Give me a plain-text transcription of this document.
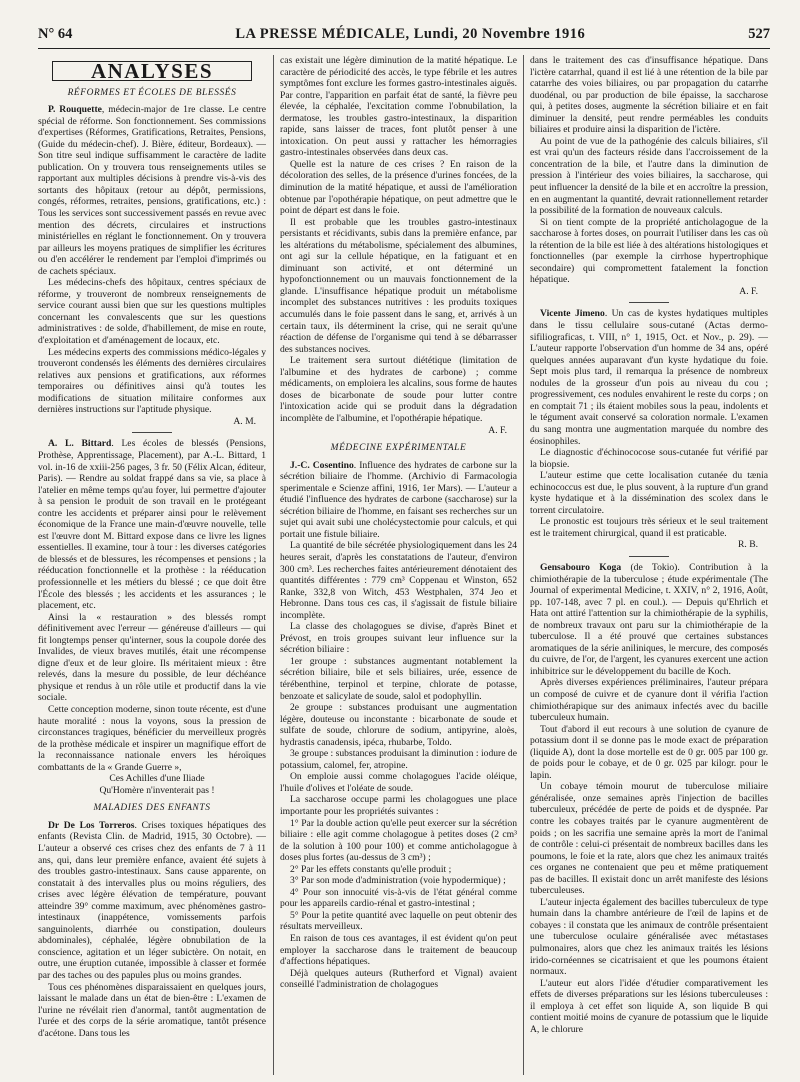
N° 64	LA PRESSE MÉDICALE, Lundi, 20 Novembre 1916	527
ANALYSES
RÉFORMES ET ÉCOLES DE BLESSÉS

P. Rouquette, médecin-major de 1re classe. Le centre spécial de réforme. Son fonctionnement. Ses commissions d'expertises (Réformes, Gratifications, Retraites, Pensions, (Guide du médecin-chef). J. Bière, éditeur, Bordeaux). — Son titre seul indique suffisamment le caractère de ladite publication. On y trouvera tous renseignements utiles se rapportant aux multiples décisions à prendre vis-à-vis des sortants des hôpitaux (retour au dépôt, permissions, congés, réformes, retraites, pensions, gratifications, etc.) : Tous les services sont successivement passés en revue avec mention des décrets, circulaires et instructions ministérielles en réglant le fonctionnement. On y trouvera par ailleurs les moyens pratiques de simplifier les écritures ou d'en accélérer le rendement par l'emploi d'imprimés ou de cachets spéciaux.

Les médecins-chefs des hôpitaux, centres spéciaux de réforme, y trouveront de nombreux renseignements de service courant aussi bien que sur les questions multiples concernant les convalescents que sur les questions administratives : de solde, d'habillement, de mise en route, d'exploitation et d'aménagement de locaux, etc.

Les médecins experts des commissions médico-légales y trouveront condensés les éléments des dernières circulaires relatives aux pensions et gratifications, aux réformes temporaires ou définitives ainsi qu'à toutes les modifications de situation militaire conformes aux dernières instructions sur l'aptitude physique.

A. M.

A. L. Bittard. Les écoles de blessés (Pensions, Prothèse, Apprentissage, Placement), par A.-L. Bittard, 1 vol. in-16 de xxiii-256 pages, 3 fr. 50 (Félix Alcan, éditeur, Paris). — Rendre au soldat frappé dans sa vie, sa place à l'atelier en même temps qu'au foyer, lui permettre d'ajouter à sa pension le produit de son travail en le protégeant contre les accidents et préparer ainsi pour le relèvement économique de la France une main-d'œuvre nouvelle, telle est l'œuvre dont M. Bittard expose dans ce livre les lignes essentielles. Il examine, tour à tour : les diverses catégories de blessés et de blessures, les récompenses et pensions ; la rééducation fonctionnelle et la prothèse : la rééducation professionnelle et les métiers du blessé ; ce que doit être l'École des blessés ; les accidents et les assurances ; le placement, etc.

Ainsi la « restauration » des blessés rompt définitivement avec l'erreur — généreuse d'ailleurs — qui fit longtemps penser qu'interner, sous la coupole dorée des Invalides, de vieux braves mutilés, était une récompense digne d'eux et de leur gloire. Ils méritaient mieux : être relevés, dans la mesure du possible, de leur déchéance physique et rendus à un rôle utile et productif dans la vie sociale.

Cette conception moderne, sinon toute récente, est d'une haute moralité : nous la voyons, sous la pression de circonstances tragiques, bénéficier du merveilleux progrès de la prothèse médicale et inspirer un magnifique effort de la reconnaissance nationale envers les héroïques combattants de la « Grande Guerre »,

Ces Achilles d'une Iliade

Qu'Homère n'inventerait pas !

MALADIES DES ENFANTS

Dr De Los Torreros. Crises toxiques hépatiques des enfants (Revista Clin. de Madrid, 1915, 30 Octobre). — L'auteur a observé ces crises chez des enfants de 7 à 11 ans, qui, dans leur première enfance, avaient été sujets à des troubles gastro-intestinaux. Sans cause apparente, on constatait à des intervalles plus ou moins réguliers, des crises avec légère élévation de température, pouvant atteindre 39° comme maximum, avec phénomènes gastro-intestinaux (inappétence, vomissements parfois sanguinolents, diarrhée ou constipation, douleurs abdominales), céphalée, légère obnubilation de la conscience, agitation et un léger subictère. On notait, en outre, une éruption cutanée, impossible à classer et formée par des taches ou des papules plus ou moins grandes.

Tous ces phénomènes disparaissaient en quelques jours, laissant le malade dans un état de bien-être : L'examen de l'urine ne révélait rien d'anormal, tantôt augmentation de l'urée et des corps de la série aromatique, tantôt présence d'acétone. Dans tous les

cas existait une légère diminution de la matité hépatique. Le caractère de périodicité des accès, le type fébrile et les autres symptômes font exclure les formes gastro-intestinales aiguës. Par contre, l'apparition en parfait état de santé, la fièvre peu élevée, la céphalée, l'excitation comme l'obnubilation, la dermatose, les troubles gastro-intestinaux, la disparition rapide, sans laisser de traces, font plutôt penser à une intoxication. On peut aussi y rattacher les hémorragies gastro-intestinales observées dans deux cas.

Quelle est la nature de ces crises ? En raison de la décoloration des selles, de la présence d'urines foncées, de la diminution de la matité hépatique, et aussi de l'amélioration obtenue par l'opothérapie hépatique, on peut admettre que le point de départ est dans le foie.

Il est probable que les troubles gastro-intestinaux persistants et récidivants, subis dans la première enfance, par les altérations du métabolisme, spécialement des albumines, ont agi sur la cellule hépatique, en la fatiguant et en diminuant son activité, et ont déterminé un hypofonctionnement ou un mauvais fonctionnement de la glande. L'insuffisance hépatique produit un métabolisme incomplet des substances nutritives : les produits toxiques accumulés dans le foie passent dans le sang, et, arrivés à un certain taux, ils déterminent la crise, qui ne serait qu'une réaction de défense de l'organisme qui tend à se débarrasser des substances nocives.

Le traitement sera surtout diététique (limitation de l'albumine et des hydrates de carbone) ; comme médicaments, on emploiera les alcalins, sous forme de hautes doses de bicarbonate de soude pour lutter contre l'intoxication acide qui se produit dans la dégradation incomplète de l'albumine, et l'opothérapie hépatique.

A. F.
MÉDECINE EXPÉRIMENTALE

J.-C. Cosentino. Influence des hydrates de carbone sur la sécrétion biliaire de l'homme. (Archivio di Farmacologia sperimentale e Scienze affini, 1916, 1er Mars). — L'auteur a étudié l'influence des hydrates de carbone (saccharose) sur la sécrétion biliaire de l'homme, en faisant ses recherches sur un sujet qui avait subi une cholécystectomie pour calculs, et qui portait une fistule biliaire.

La quantité de bile sécrétée physiologiquement dans les 24 heures serait, d'après les constatations de l'auteur, d'environ 300 cm³. Les recherches faites antérieurement dénotaient des quantités différentes : 779 cm³ Coppenau et Winston, 652 Ranke, 332,8 von Witch, 453 Westphalen, 374 Jeo et Hebronne. Dans tous ces cas, il s'agissait de fistule biliaire incomplète.

La classe des cholagogues se divise, d'après Binet et Prévost, en trois groupes suivant leur influence sur la sécrétion biliaire :

1er groupe : substances augmentant notablement la sécrétion biliaire, bile et sels biliaires, urée, essence de térébenthine, terpinol et terpine, chlorate de potasse, benzoate et salicylate de soude, salol et podophyllin.

2e groupe : substances produisant une augmentation légère, douteuse ou inconstante : bicarbonate de soude et sulfate de soude, chlorure de sodium, antipyrine, aloès, hydrastis canadensis, ipéca, rhubarbe, Toldo.

3e groupe : substances produisant la diminution : iodure de potassium, calomel, fer, atropine.

On emploie aussi comme cholagogues l'acide oléique, l'huile d'olives et l'oléate de soude.

La saccharose occupe parmi les cholagogues une place importante pour les propriétés suivantes :

1° Par la double action qu'elle peut exercer sur la sécrétion biliaire : elle agit comme cholagogue à petites doses (2 cm³ de la solution à 100 pour 100) et comme anticholagogue à doses plus fortes (au-dessus de 3 cm³) ;

2° Par les effets constants qu'elle produit ;

3° Par son mode d'administration (voie hypodermique) ;

4° Pour son innocuité vis-à-vis de l'état général comme pour les appareils cardio-rénal et gastro-intestinal ;

5° Pour la petite quantité avec laquelle on peut obtenir des résultats merveilleux.

En raison de tous ces avantages, il est évident qu'on peut employer la saccharose dans le traitement de beaucoup d'affections hépatiques.

Déjà quelques auteurs (Rutherford et Vignal) avaient conseillé l'administration de cholagogues

dans le traitement des cas d'insuffisance hépatique. Dans l'ictère catarrhal, quand il est lié à une rétention de la bile par catarrhe des voies biliaires, ou par propagation du catarrhe duodénal, ou par production de bile épaisse, la saccharose qui, à petites doses, augmente la sécrétion biliaire et en fait diminuer la densité, peut rendre perméables les conduits biliaires et produire ainsi la disparition de l'ictère.

Au point de vue de la pathogénie des calculs biliaires, s'il est vrai qu'un des facteurs réside dans l'accroissement de la concentration de la bile, et l'autre dans la diminution de pression à l'intérieur des voies biliaires, la saccharose, qui peut influencer la densité de la bile et en accroître la pression, en en augmentant la quantité, devrait rationnellement retarder la possibilité de la formation de nouveaux calculs.

Si on tient compte de la propriété anticholagogue de la saccharose à fortes doses, on pourrait l'utiliser dans les cas où la rétention de la bile est liée à des altérations histologiques et fonctionnelles (par exemple la cirrhose hypertrophique secondaire) qui compromettent fatalement la fonction hépatique.

A. F.

Vicente Jimeno. Un cas de kystes hydatiques multiples dans le tissu cellulaire sous-cutané (Actas dermo-sifiliograficas, t. VIII, n° 1, 1915, Oct. et Nov., p. 29). — L'auteur rapporte l'observation d'un homme de 34 ans, opéré quelques années auparavant d'un kyste hydatique du foie. Sept mois plus tard, il remarqua la présence de nombreux nodules de la grosseur d'un pois au niveau du cou ; progressivement, ces nodules envahirent le reste du corps ; on en comptait 71 ; ils étaient mobiles sous la peau, indolents et le tégument avait conservé sa coloration normale. L'examen du sang montra une augmentation marquée du nombre des éosinophiles.

Le diagnostic d'échinococose sous-cutanée fut vérifié par la biopsie.

L'auteur estime que cette localisation cutanée du tænia echinococcus est due, le plus souvent, à la rupture d'un grand kyste hydatique et à la dissémination des scolex dans le torrent circulatoire.

Le pronostic est toujours très sérieux et le seul traitement est le traitement chirurgical, quand il est praticable.

R. B.

Gensabouro Koga (de Tokio). Contribution à la chimiothérapie de la tuberculose ; étude expérimentale (The Journal of experimental Medicine, t. XXIV, n° 2, 1916, Août, pp. 107-148, avec 7 pl. en coul.). — Depuis qu'Ehrlich et Hata ont attiré l'attention sur la chimiothérapie de la syphilis, de nombreux travaux ont paru sur la chimiothérapie de la tuberculose. Il a été prouvé que certaines substances aromatiques de la série aniliniques, le mercure, des composés du cuivre, de l'or, de l'argent, les cyanures exercent une action inhibitrice sur le développement du bacille de Koch.

Après diverses expériences préliminaires, l'auteur prépara un composé de cuivre et de cyanure dont il vérifia l'action chimiothérapique sur des animaux infectés avec du bacille tuberculeux humain.

Tout d'abord il eut recours à une solution de cyanure de potassium dont il se donne pas le mode exact de préparation (liquide A), dont la dose mortelle est de 0 gr. 005 par 100 gr. de poids pour le cobaye, et de 0 gr. 025 par kilogr. pour le lapin.

Un cobaye témoin mourut de tuberculose miliaire généralisée, onze semaines après l'injection de bacilles tuberculeux, précédée de perte de poids et de dyspnée. Par contre les cobayes traités par le cyanure augmentèrent de poids ; on les sacrifia une semaine après la mort de l'animal de contrôle : celui-ci présentait de nombreux bacilles dans les poumons, le foie et la rate, alors que chez les animaux traités ces organes ne contenaient que peu et même pratiquement pas de bacilles. Il existait donc un arrêt manifeste des lésions tuberculeuses.

L'auteur injecta également des bacilles tuberculeux de type humain dans la chambre antérieure de l'œil de lapins et de cobayes : il constata que les animaux de contrôle présentaient une tuberculose oculaire généralisée avec métastases pulmonaires, alors que chez les animaux traités les lésions irido-cornéennes se cicatrisaient et que les poumons étaient normaux.

L'auteur eut alors l'idée d'étudier comparativement les effets de diverses préparations sur les lésions tuberculeuses : il employa à cet effet son liquide A, son liquide B qui contient moitié moins de cyanure de potassium que le liquide A, le chlorure
